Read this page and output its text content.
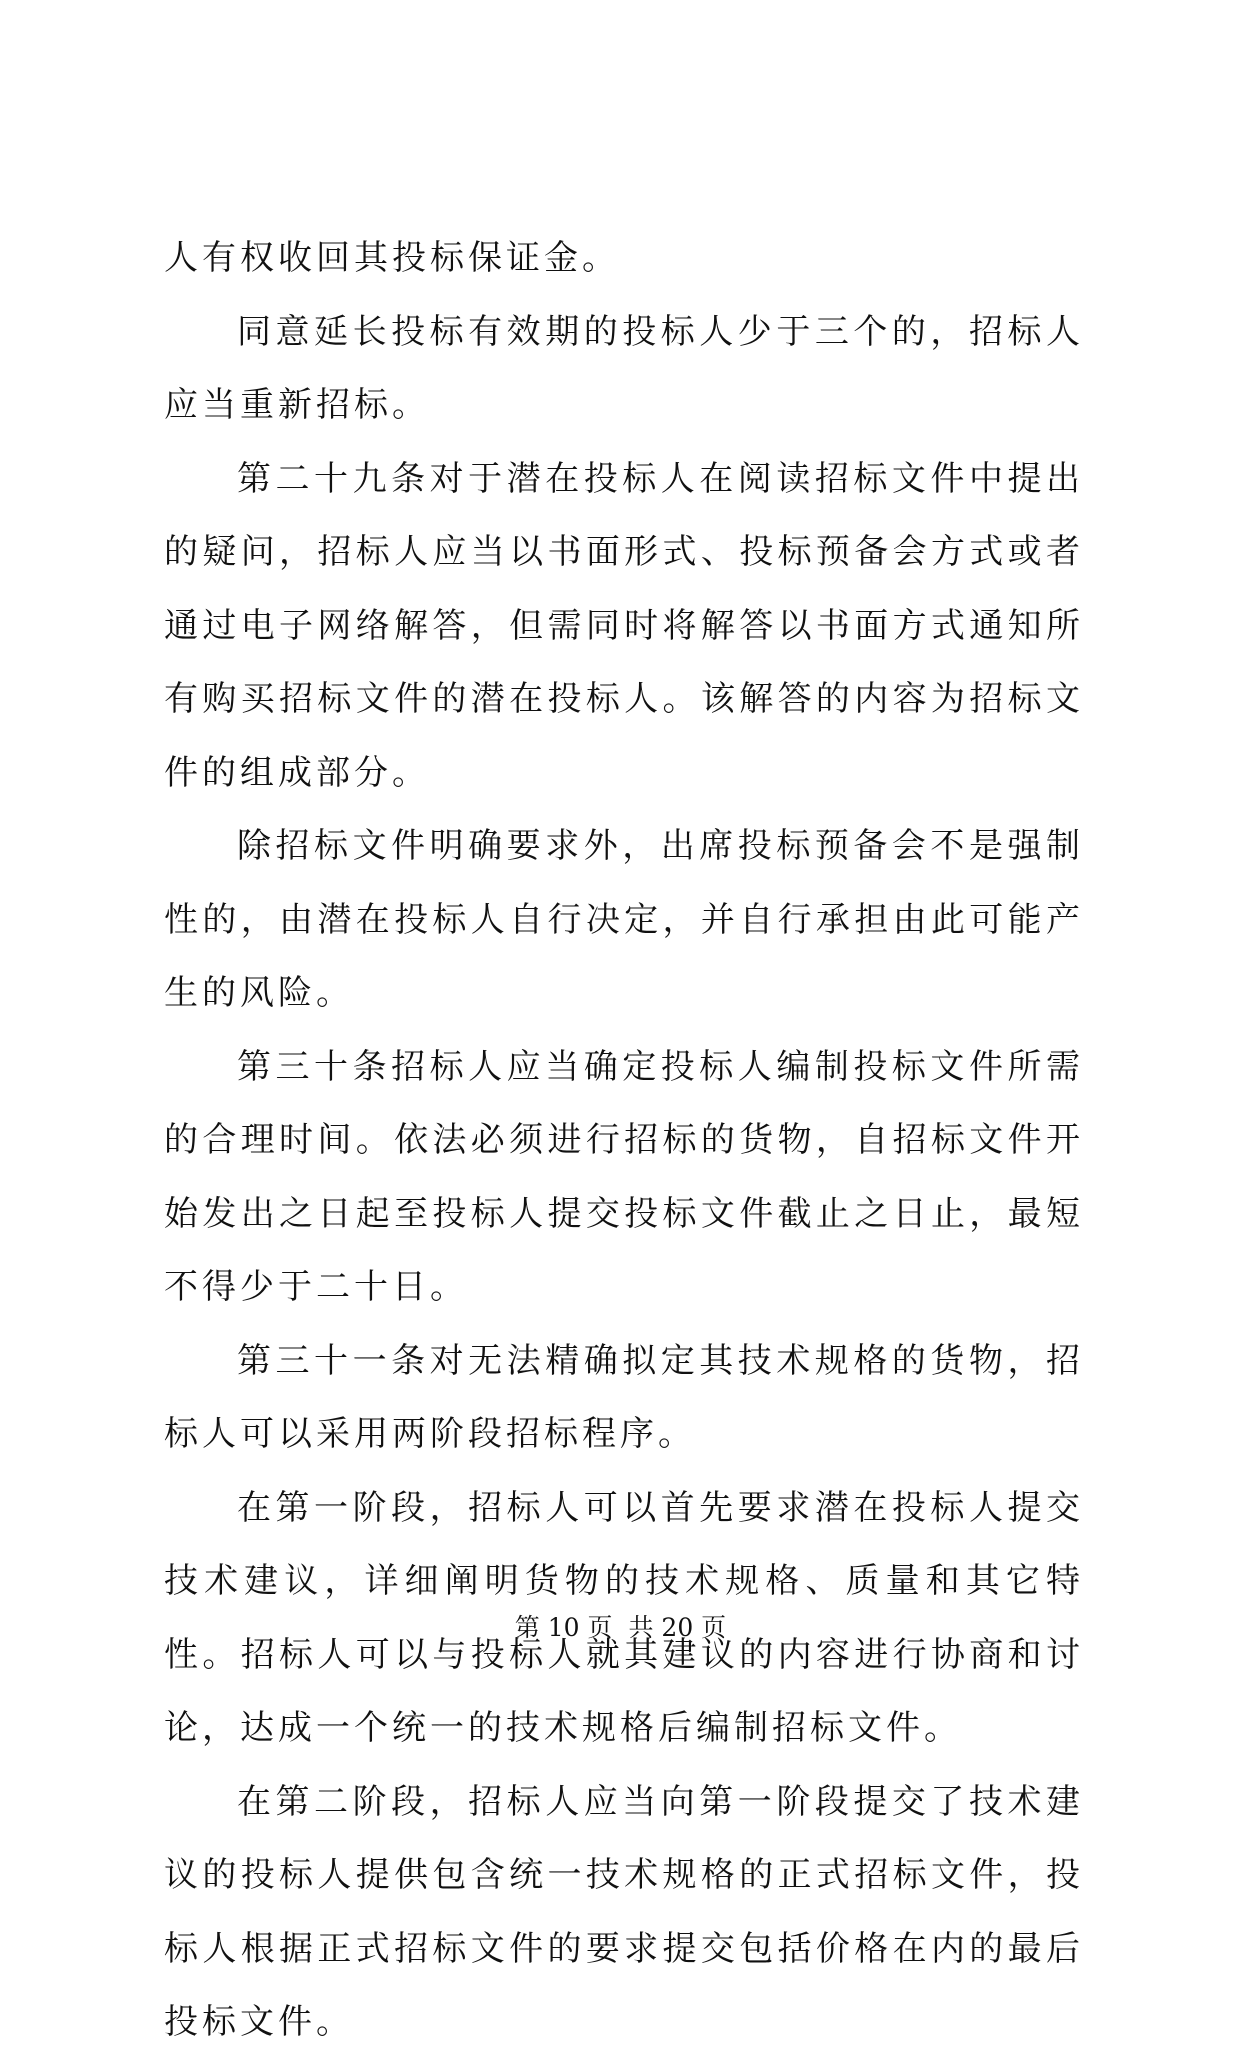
人有权收回其投标保证金。

同意延长投标有效期的投标人少于三个的，招标人应当重新招标。

第二十九条对于潜在投标人在阅读招标文件中提出的疑问，招标人应当以书面形式、投标预备会方式或者通过电子网络解答，但需同时将解答以书面方式通知所有购买招标文件的潜在投标人。该解答的内容为招标文件的组成部分。

除招标文件明确要求外，出席投标预备会不是强制性的，由潜在投标人自行决定，并自行承担由此可能产生的风险。

第三十条招标人应当确定投标人编制投标文件所需的合理时间。依法必须进行招标的货物，自招标文件开始发出之日起至投标人提交投标文件截止之日止，最短不得少于二十日。

第三十一条对无法精确拟定其技术规格的货物，招标人可以采用两阶段招标程序。

在第一阶段，招标人可以首先要求潜在投标人提交技术建议，详细阐明货物的技术规格、质量和其它特性。招标人可以与投标人就其建议的内容进行协商和讨论，达成一个统一的技术规格后编制招标文件。

在第二阶段，招标人应当向第一阶段提交了技术建议的投标人提供包含统一技术规格的正式招标文件，投标人根据正式招标文件的要求提交包括价格在内的最后投标文件。

第 10 页 共 20 页
